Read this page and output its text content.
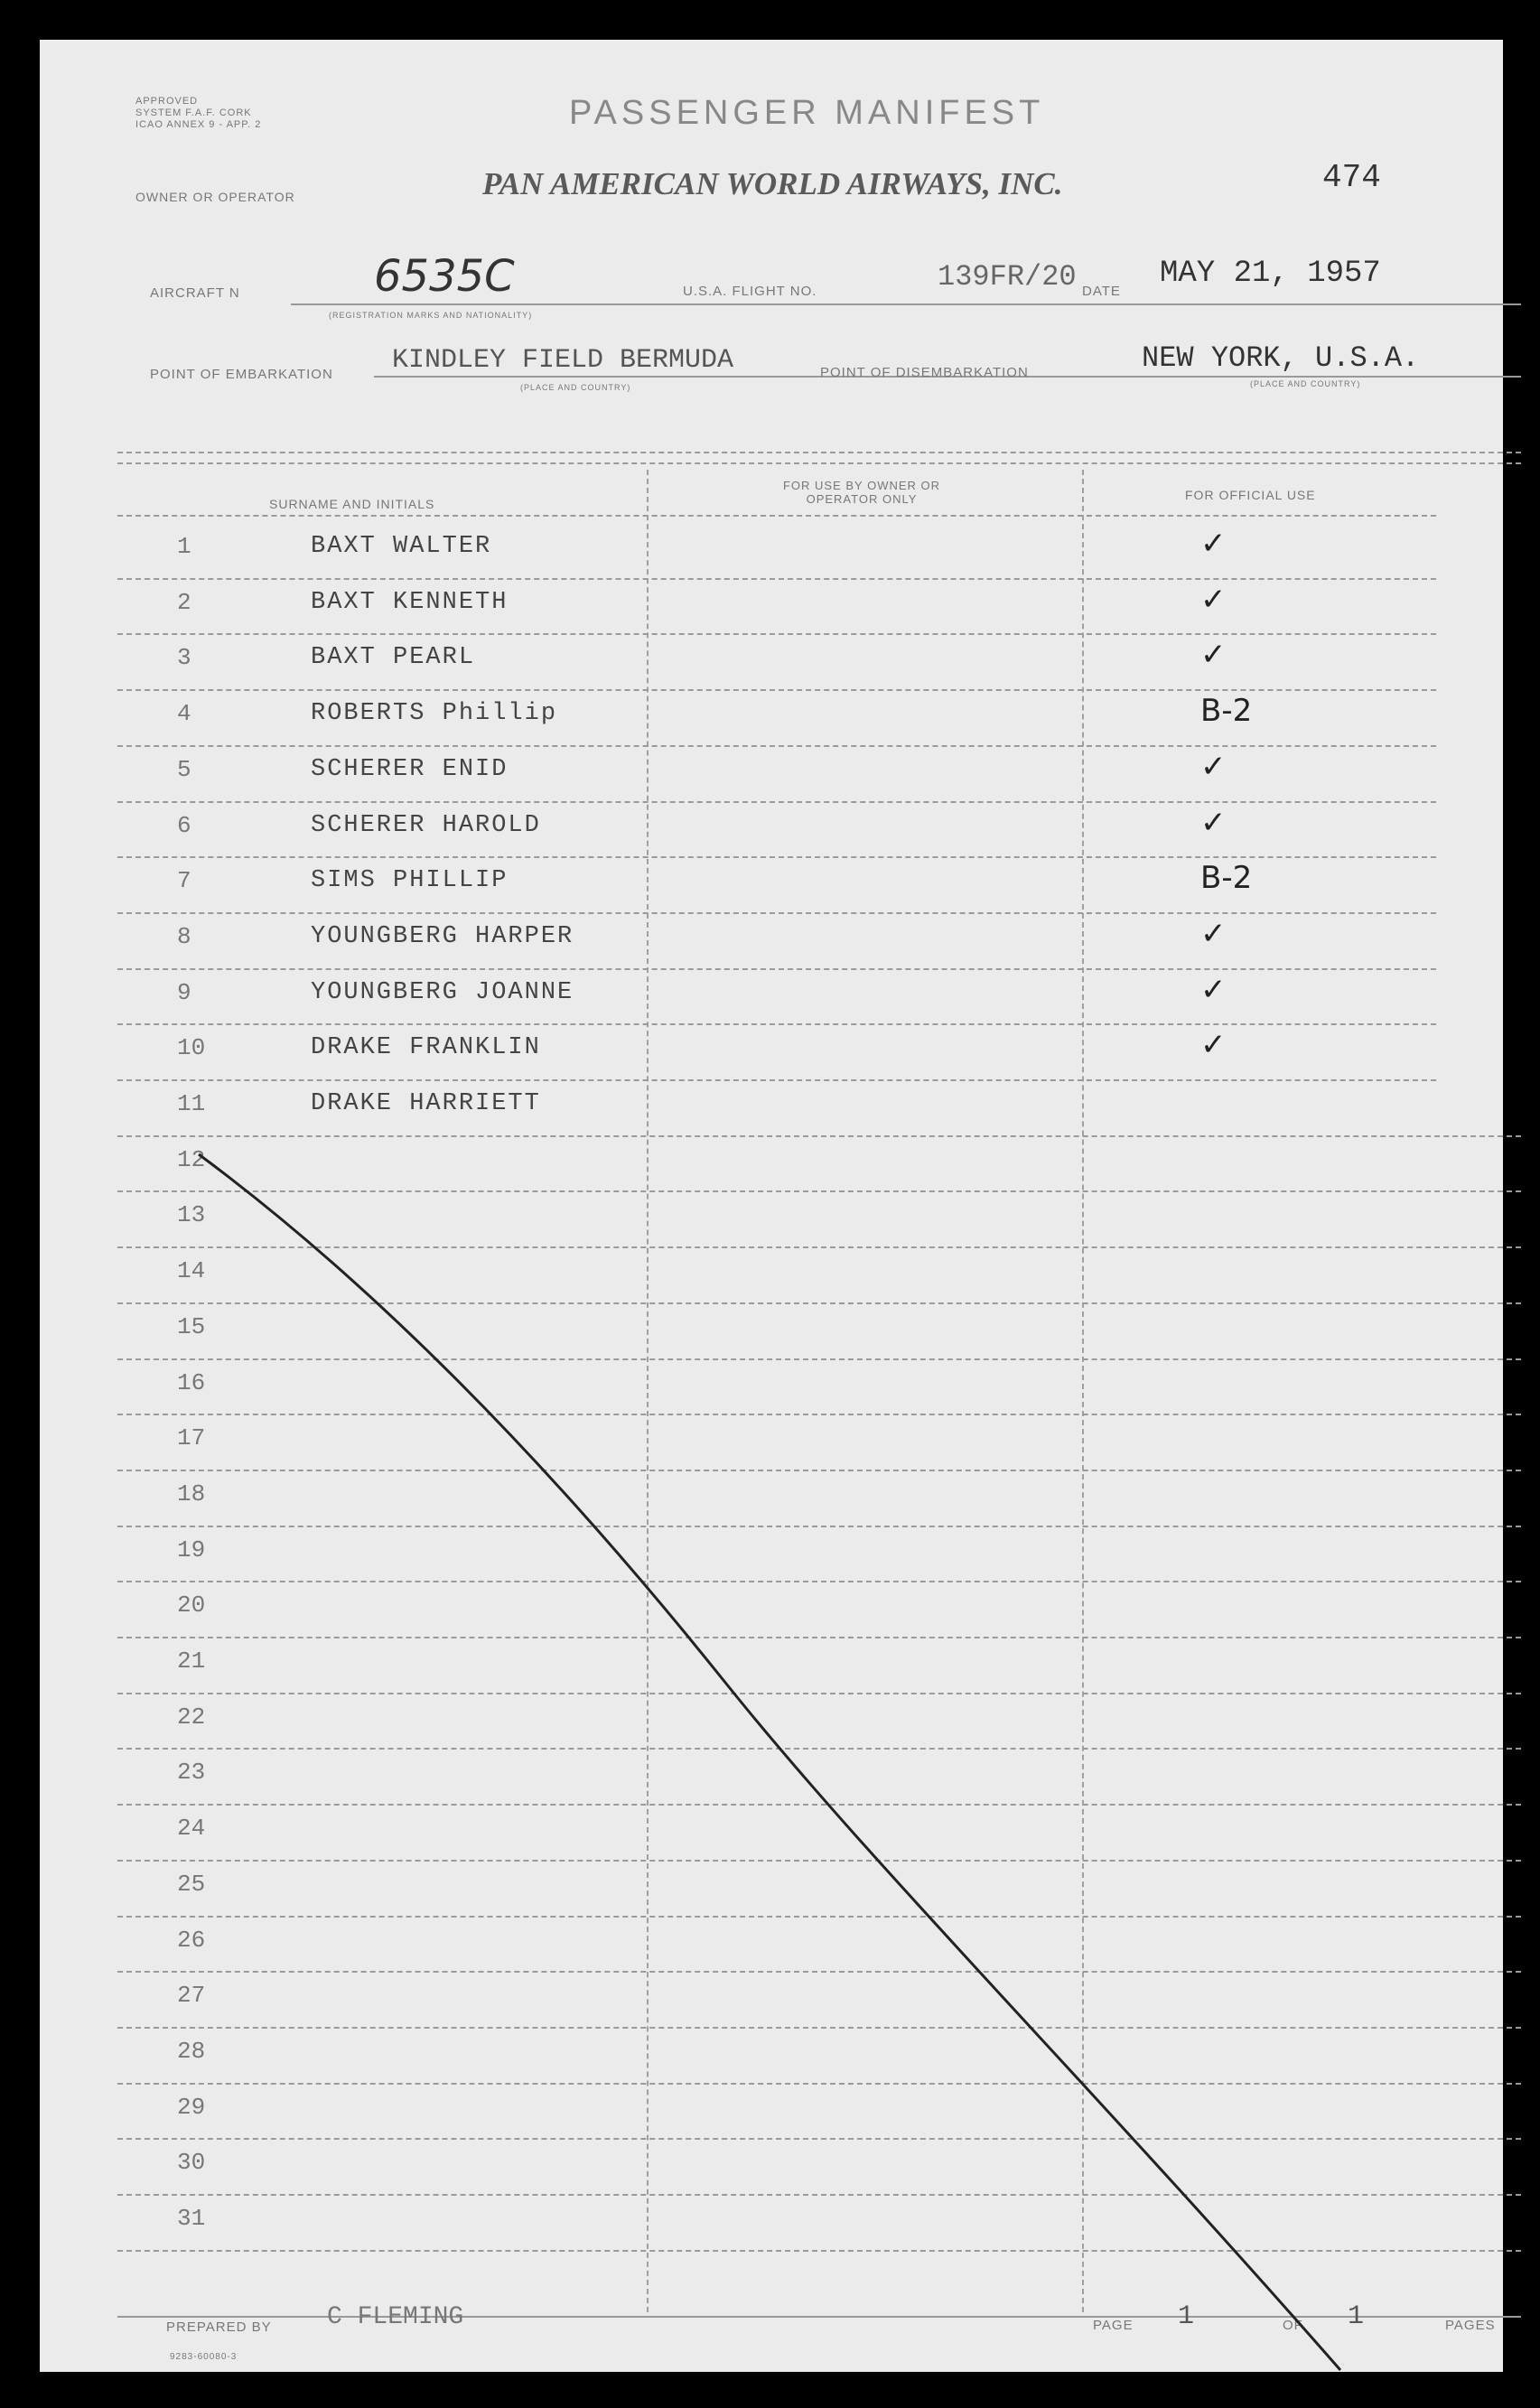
APPROVED
SYSTEM F.A.F. CORK
ICAO ANNEX 9 - APP. 2	PASSENGER MANIFEST
PAN AMERICAN WORLD AIRWAYS, INC.
OWNER OR OPERATOR
474
AIRCRAFT N	6535C
(REGISTRATION MARKS AND NATIONALITY)
U.S.A. FLIGHT NO.	139FR/20 DATE
MAY 21, 1957
POINT OF EMBARKATION KINDLEY FIELD BERMUDA
(PLACE AND COUNTRY)
POINT OF DISEMBARKATION	NEW YORK, U.S.A.
(PLACE AND COUNTRY)
SURNAME AND INITIALS
FOR USE BY OWNER OR OPERATOR ONLY	FOR OFFICIAL USE
1	BAXT WALTER	✓
2	BAXT KENNETH	✓
3	BAXT PEARL	✓
4	ROBERTS Phillip	B-2
5	SCHERER ENID	✓
6	SCHERER HAROLD	✓
7	SIMS PHILLIP	B-2
8	YOUNGBERG HARPER	✓
9	YOUNGBERG JOANNE	✓
10	DRAKE FRANKLIN	✓
11	DRAKE HARRIETT
12
13
14
15
16
17
18
19
20
21
22
23
24
25
26
27
28
29
30
31
PREPARED BY C FLEMING
9283-60080-3
PAGE 1	OF 1	PAGES
